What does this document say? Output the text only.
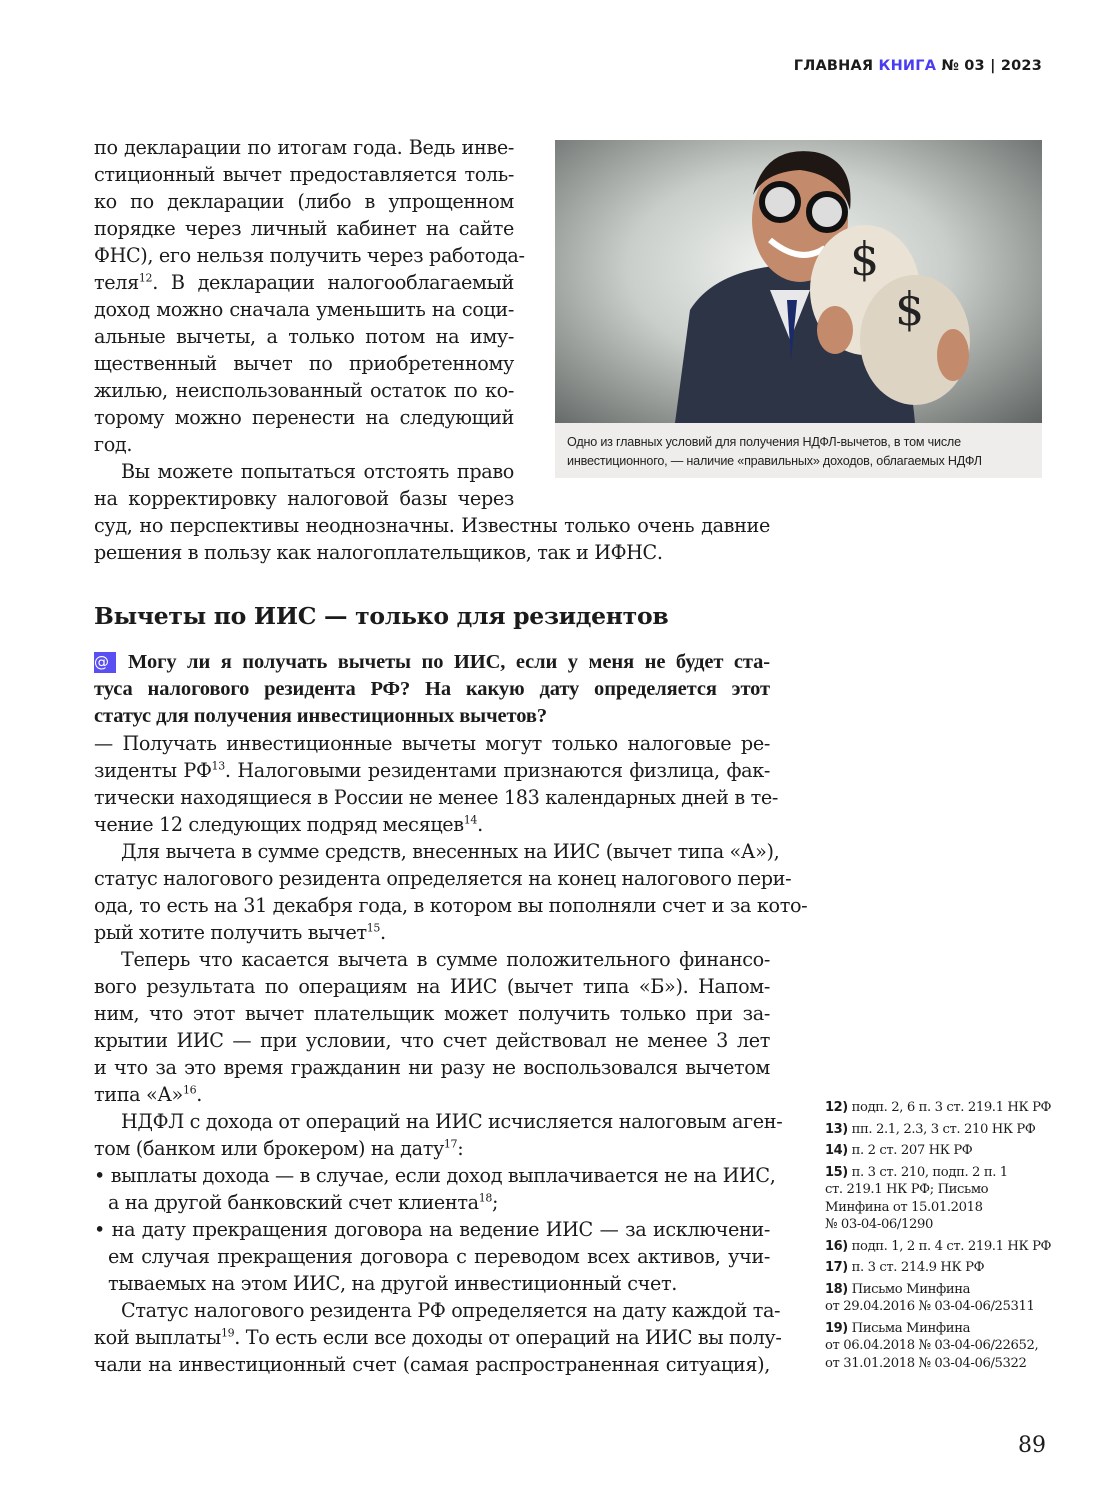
ГЛАВНАЯ КНИГА № 03 | 2023
по декларации по итогам года. Ведь инве-
стиционный вычет предоставляется толь-
ко по декларации (либо в упрощенном
порядке через личный кабинет на сайте
ФНС), его нельзя получить через работода-
теля$^{12}$. В декларации налогооблагаемый
доход можно сначала уменьшить на соци-
альные вычеты, а только потом на иму-
щественный вычет по приобретенному
жилью, неиспользованный остаток по ко-
торому можно перенести на следующий
год.
Вы можете попытаться отстоять право
на корректировку налоговой базы через
суд, но перспективы неоднозначны. Известны только очень давние
решения в пользу как налогоплательщиков, так и ИФНС.
$
$
Одно из главных условий для получения НДФЛ-вычетов, в том числе инвестиционного, — наличие «правильных» доходов, облагаемых НДФЛ
Вычеты по ИИС — только для резидентов
@ Могу ли я получать вычеты по ИИС, если у меня не будет ста-
туса налогового резидента РФ? На какую дату определяется этот
статус для получения инвестиционных вычетов?
— Получать инвестиционные вычеты могут только налоговые ре-
зиденты РФ$^{13}$. Налоговыми резидентами признаются физлица, фак-
тически находящиеся в России не менее 183 календарных дней в те-
чение 12 следующих подряд месяцев$^{14}$.
Для вычета в сумме средств, внесенных на ИИС (вычет типа «А»),
статус налогового резидента определяется на конец налогового пери-
ода, то есть на 31 декабря года, в котором вы пополняли счет и за кото-
рый хотите получить вычет$^{15}$.
Теперь что касается вычета в сумме положительного финансо-
вого результата по операциям на ИИС (вычет типа «Б»). Напом-
ним, что этот вычет плательщик может получить только при за-
крытии ИИС — при условии, что счет действовал не менее 3 лет
и что за это время гражданин ни разу не воспользовался вычетом
типа «А»$^{16}$.
НДФЛ с дохода от операций на ИИС исчисляется налоговым аген-
том (банком или брокером) на дату$^{17}$:
• выплаты дохода — в случае, если доход выплачивается не на ИИС,
а на другой банковский счет клиента$^{18}$;
• на дату прекращения договора на ведение ИИС — за исключени-
ем случая прекращения договора с переводом всех активов, учи-
тываемых на этом ИИС, на другой инвестиционный счет.
Статус налогового резидента РФ определяется на дату каждой та-
кой выплаты$^{19}$. То есть если все доходы от операций на ИИС вы полу-
чали на инвестиционный счет (самая распространенная ситуация),
12) подп. 2, 6 п. 3 ст. 219.1 НК РФ
13) пп. 2.1, 2.3, 3 ст. 210 НК РФ
14) п. 2 ст. 207 НК РФ
15) п. 3 ст. 210, подп. 2 п. 1
ст. 219.1 НК РФ; Письмо
Минфина от 15.01.2018
№ 03-04-06/1290
16) подп. 1, 2 п. 4 ст. 219.1 НК РФ
17) п. 3 ст. 214.9 НК РФ
18) Письмо Минфина
от 29.04.2016 № 03-04-06/25311
19) Письма Минфина
от 06.04.2018 № 03-04-06/22652,
от 31.01.2018 № 03-04-06/5322
89
